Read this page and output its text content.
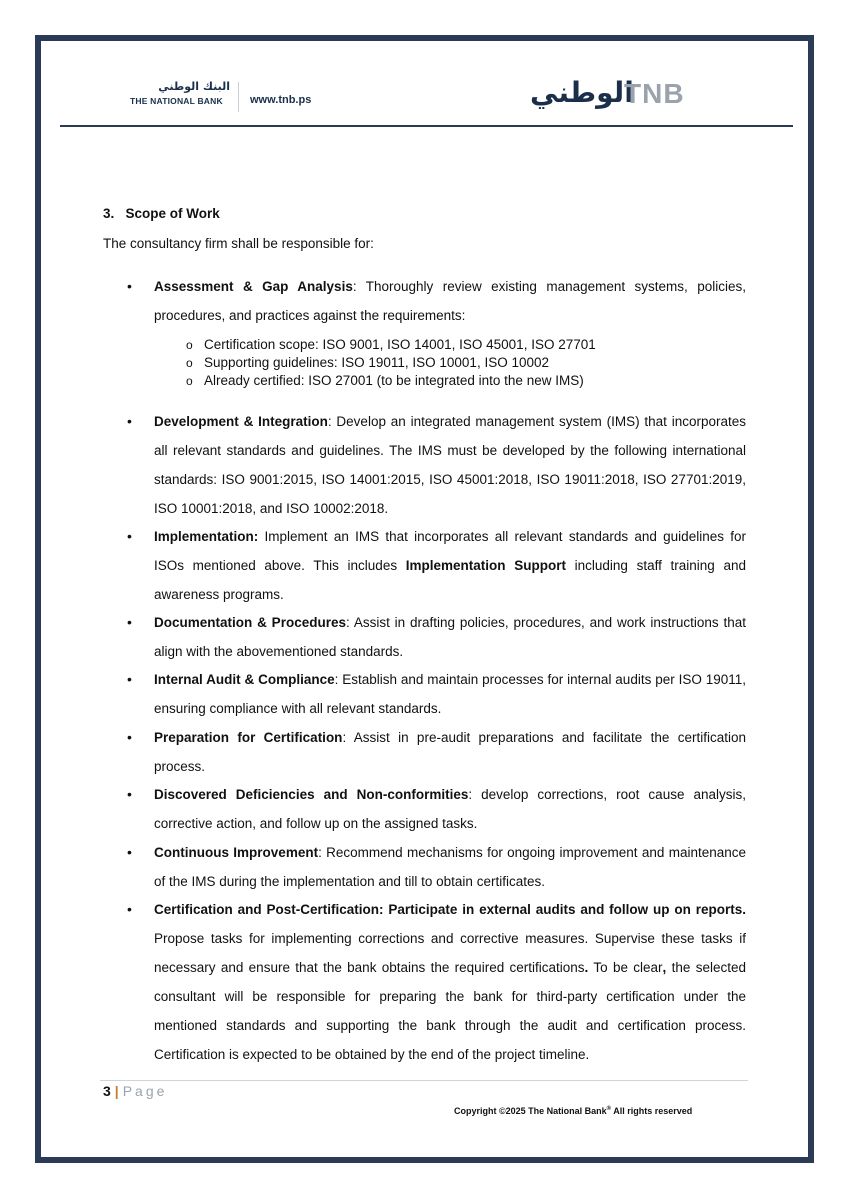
البنك الوطني
THE NATIONAL BANK www.tnb.ps	الوطني
TNB
3.   Scope of Work
The consultancy firm shall be responsible for:
• Assessment & Gap Analysis: Thoroughly review existing management systems, policies, procedures, and practices against the requirements:
o Certification scope: ISO 9001, ISO 14001, ISO 45001, ISO 27701
o Supporting guidelines: ISO 19011, ISO 10001, ISO 10002
o Already certified: ISO 27001 (to be integrated into the new IMS)
• Development & Integration: Develop an integrated management system (IMS) that incorporates all relevant standards and guidelines. The IMS must be developed by the following international standards: ISO 9001:2015, ISO 14001:2015, ISO 45001:2018, ISO 19011:2018, ISO 27701:2019, ISO 10001:2018, and ISO 10002:2018.
• Implementation: Implement an IMS that incorporates all relevant standards and guidelines for ISOs mentioned above. This includes Implementation Support including staff training and awareness programs.
• Documentation & Procedures: Assist in drafting policies, procedures, and work instructions that align with the abovementioned standards.
• Internal Audit & Compliance: Establish and maintain processes for internal audits per ISO 19011, ensuring compliance with all relevant standards.
• Preparation for Certification: Assist in pre-audit preparations and facilitate the certification process.
• Discovered Deficiencies and Non-conformities: develop corrections, root cause analysis, corrective action, and follow up on the assigned tasks.
• Continuous Improvement: Recommend mechanisms for ongoing improvement and maintenance of the IMS during the implementation and till to obtain certificates.
• Certification and Post-Certification: Participate in external audits and follow up on reports. Propose tasks for implementing corrections and corrective measures. Supervise these tasks if necessary and ensure that the bank obtains the required certifications. To be clear, the selected consultant will be responsible for preparing the bank for third-party certification under the mentioned standards and supporting the bank through the audit and certification process. Certification is expected to be obtained by the end of the project timeline.
3 | Page
Copyright ©2025 The National Bank® All rights reserved
